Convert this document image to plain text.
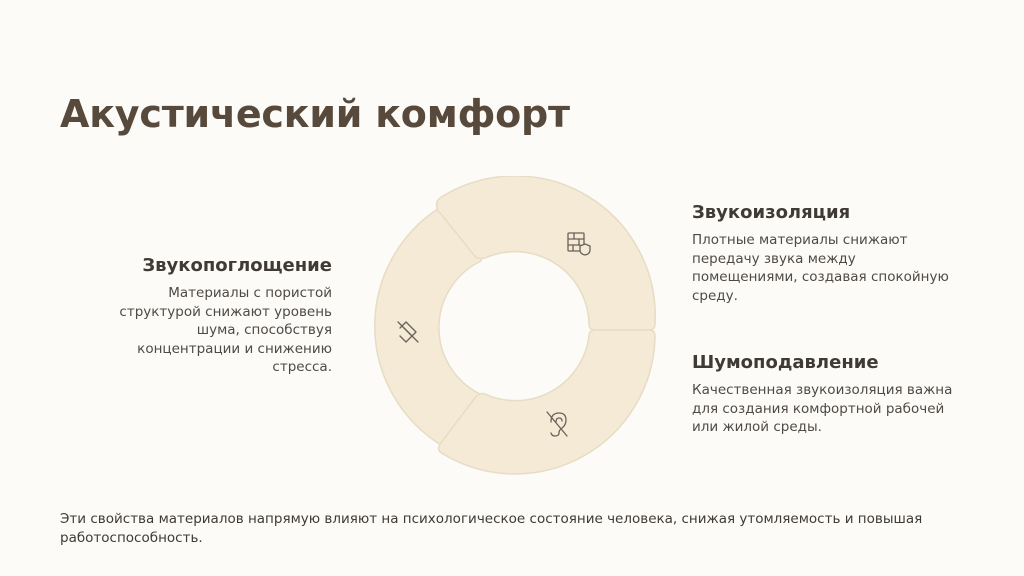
Акустический комфорт
Звукопоглощение

Материалы с пористой структурой снижают уровень шума, способствуя концентрации и снижению стресса.

Звукоизоляция

Плотные материалы снижают передачу звука между помещениями, создавая спокойную среду.

Шумоподавление

Качественная звукоизоляция важна для создания комфортной рабочей или жилой среды.

Эти свойства материалов напрямую влияют на психологическое состояние человека, снижая утомляемость и повышая работоспособность.
